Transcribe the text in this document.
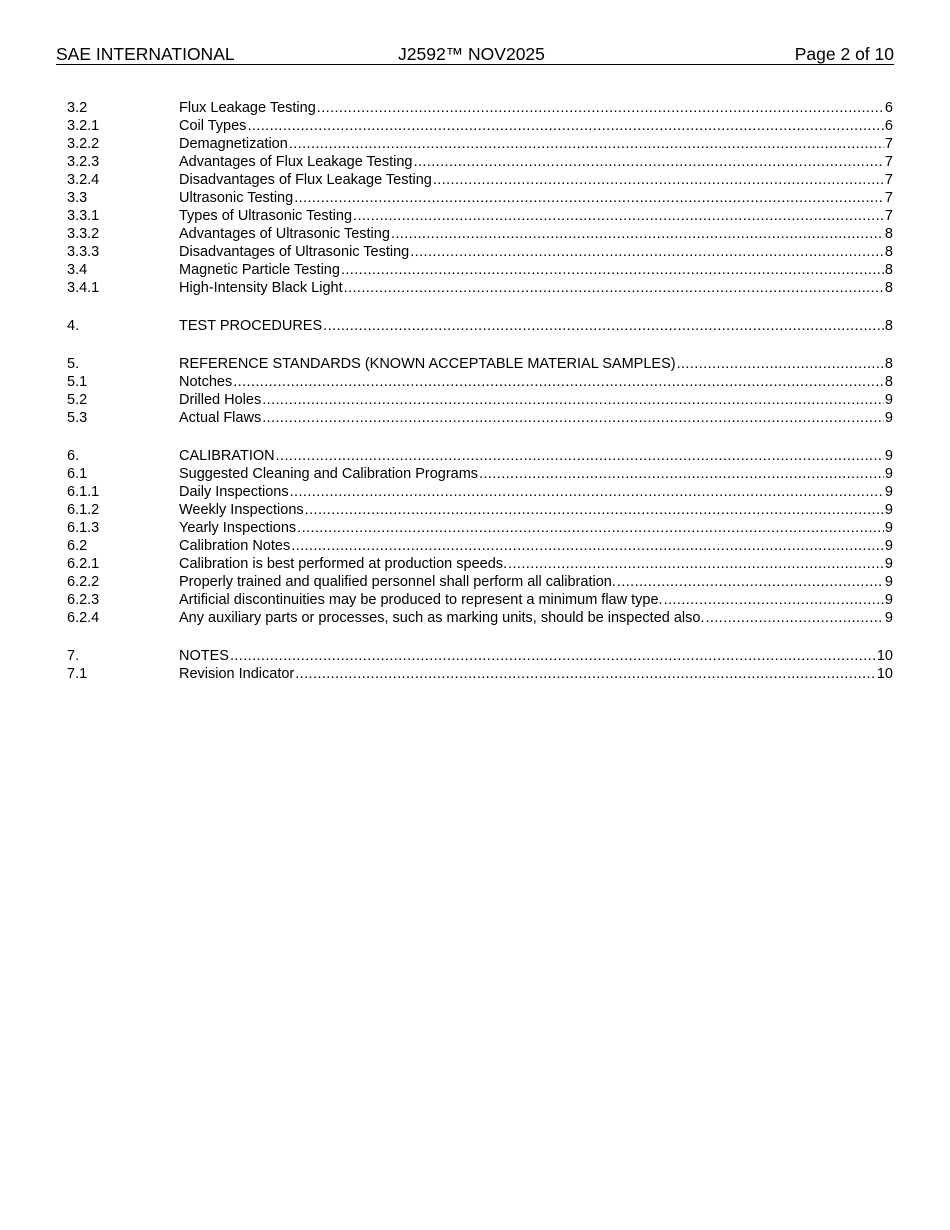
SAE INTERNATIONAL	J2592™ NOV2025	Page 2 of 10
3.2	Flux Leakage Testing .....	6
3.2.1	Coil Types .....	6
3.2.2	Demagnetization .....	7
3.2.3	Advantages of Flux Leakage Testing .....	7
3.2.4	Disadvantages of Flux Leakage Testing .....	7
3.3	Ultrasonic Testing .....	7
3.3.1	Types of Ultrasonic Testing .....	7
3.3.2	Advantages of Ultrasonic Testing .....	8
3.3.3	Disadvantages of Ultrasonic Testing .....	8
3.4	Magnetic Particle Testing .....	8
3.4.1	High-Intensity Black Light .....	8
4.	TEST PROCEDURES .....	8
5.	REFERENCE STANDARDS (KNOWN ACCEPTABLE MATERIAL SAMPLES) .....	8
5.1	Notches .....	8
5.2	Drilled Holes .....	9
5.3	Actual Flaws .....	9
6.	CALIBRATION .....	9
6.1	Suggested Cleaning and Calibration Programs .....	9
6.1.1	Daily Inspections .....	9
6.1.2	Weekly Inspections .....	9
6.1.3	Yearly Inspections .....	9
6.2	Calibration Notes .....	9
6.2.1	Calibration is best performed at production speeds. .....	9
6.2.2	Properly trained and qualified personnel shall perform all calibration. .....	9
6.2.3	Artificial discontinuities may be produced to represent a minimum flaw type. .....	9
6.2.4	Any auxiliary parts or processes, such as marking units, should be inspected also. .....	9
7.	NOTES .....	10
7.1	Revision Indicator .....	10
